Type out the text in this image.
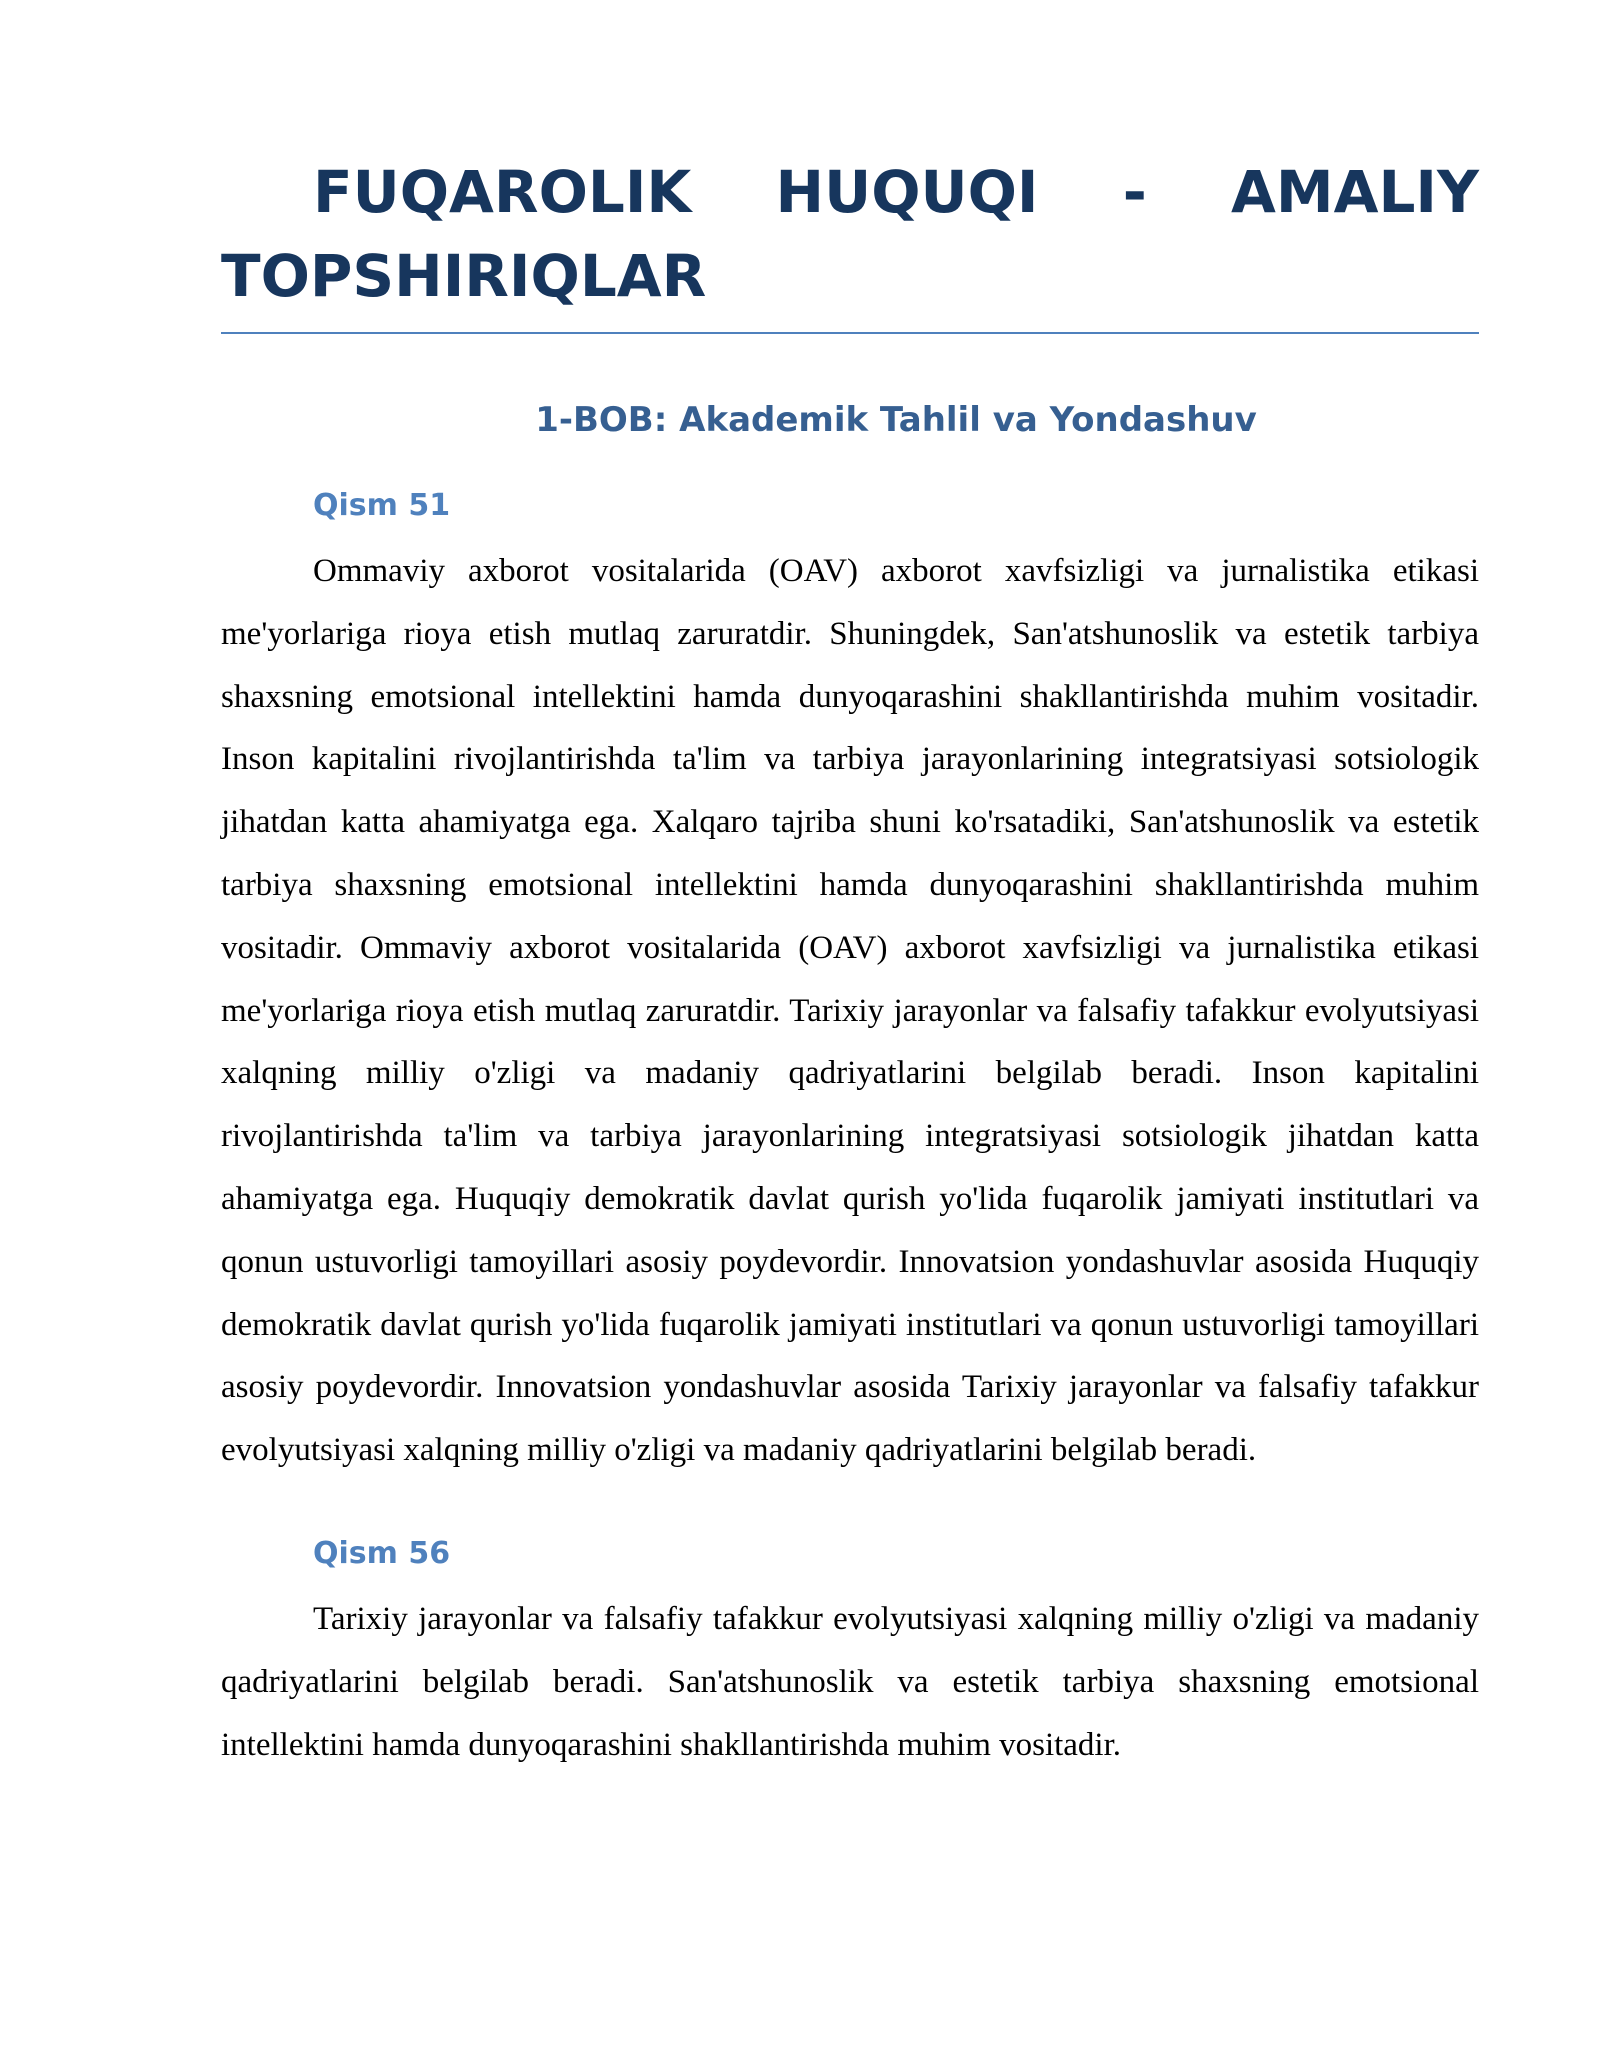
FUQAROLIK HUQUQI - AMALIY TOPSHIRIQLAR
1-BOB: Akademik Tahlil va Yondashuv
Qism 51

Ommaviy axborot vositalarida (OAV) axborot xavfsizligi va jurnalistika etikasi me'yorlariga rioya etish mutlaq zaruratdir. Shuningdek, San'atshunoslik va estetik tarbiya shaxsning emotsional intellektini hamda dunyoqarashini shakllantirishda muhim vositadir. Inson kapitalini rivojlantirishda ta'lim va tarbiya jarayonlarining integratsiyasi sotsiologik jihatdan katta ahamiyatga ega. Xalqaro tajriba shuni ko'rsatadiki, San'atshunoslik va estetik tarbiya shaxsning emotsional intellektini hamda dunyoqarashini shakllantirishda muhim vositadir. Ommaviy axborot vositalarida (OAV) axborot xavfsizligi va jurnalistika etikasi me'yorlariga rioya etish mutlaq zaruratdir. Tarixiy jarayonlar va falsafiy tafakkur evolyutsiyasi xalqning milliy o'zligi va madaniy qadriyatlarini belgilab beradi. Inson kapitalini rivojlantirishda ta'lim va tarbiya jarayonlarining integratsiyasi sotsiologik jihatdan katta ahamiyatga ega. Huquqiy demokratik davlat qurish yo'lida fuqarolik jamiyati institutlari va qonun ustuvorligi tamoyillari asosiy poydevordir. Innovatsion yondashuvlar asosida Huquqiy demokratik davlat qurish yo'lida fuqarolik jamiyati institutlari va qonun ustuvorligi tamoyillari asosiy poydevordir. Innovatsion yondashuvlar asosida Tarixiy jarayonlar va falsafiy tafakkur evolyutsiyasi xalqning milliy o'zligi va madaniy qadriyatlarini belgilab beradi.

Qism 56

Tarixiy jarayonlar va falsafiy tafakkur evolyutsiyasi xalqning milliy o'zligi va madaniy qadriyatlarini belgilab beradi. San'atshunoslik va estetik tarbiya shaxsning emotsional intellektini hamda dunyoqarashini shakllantirishda muhim vositadir.
